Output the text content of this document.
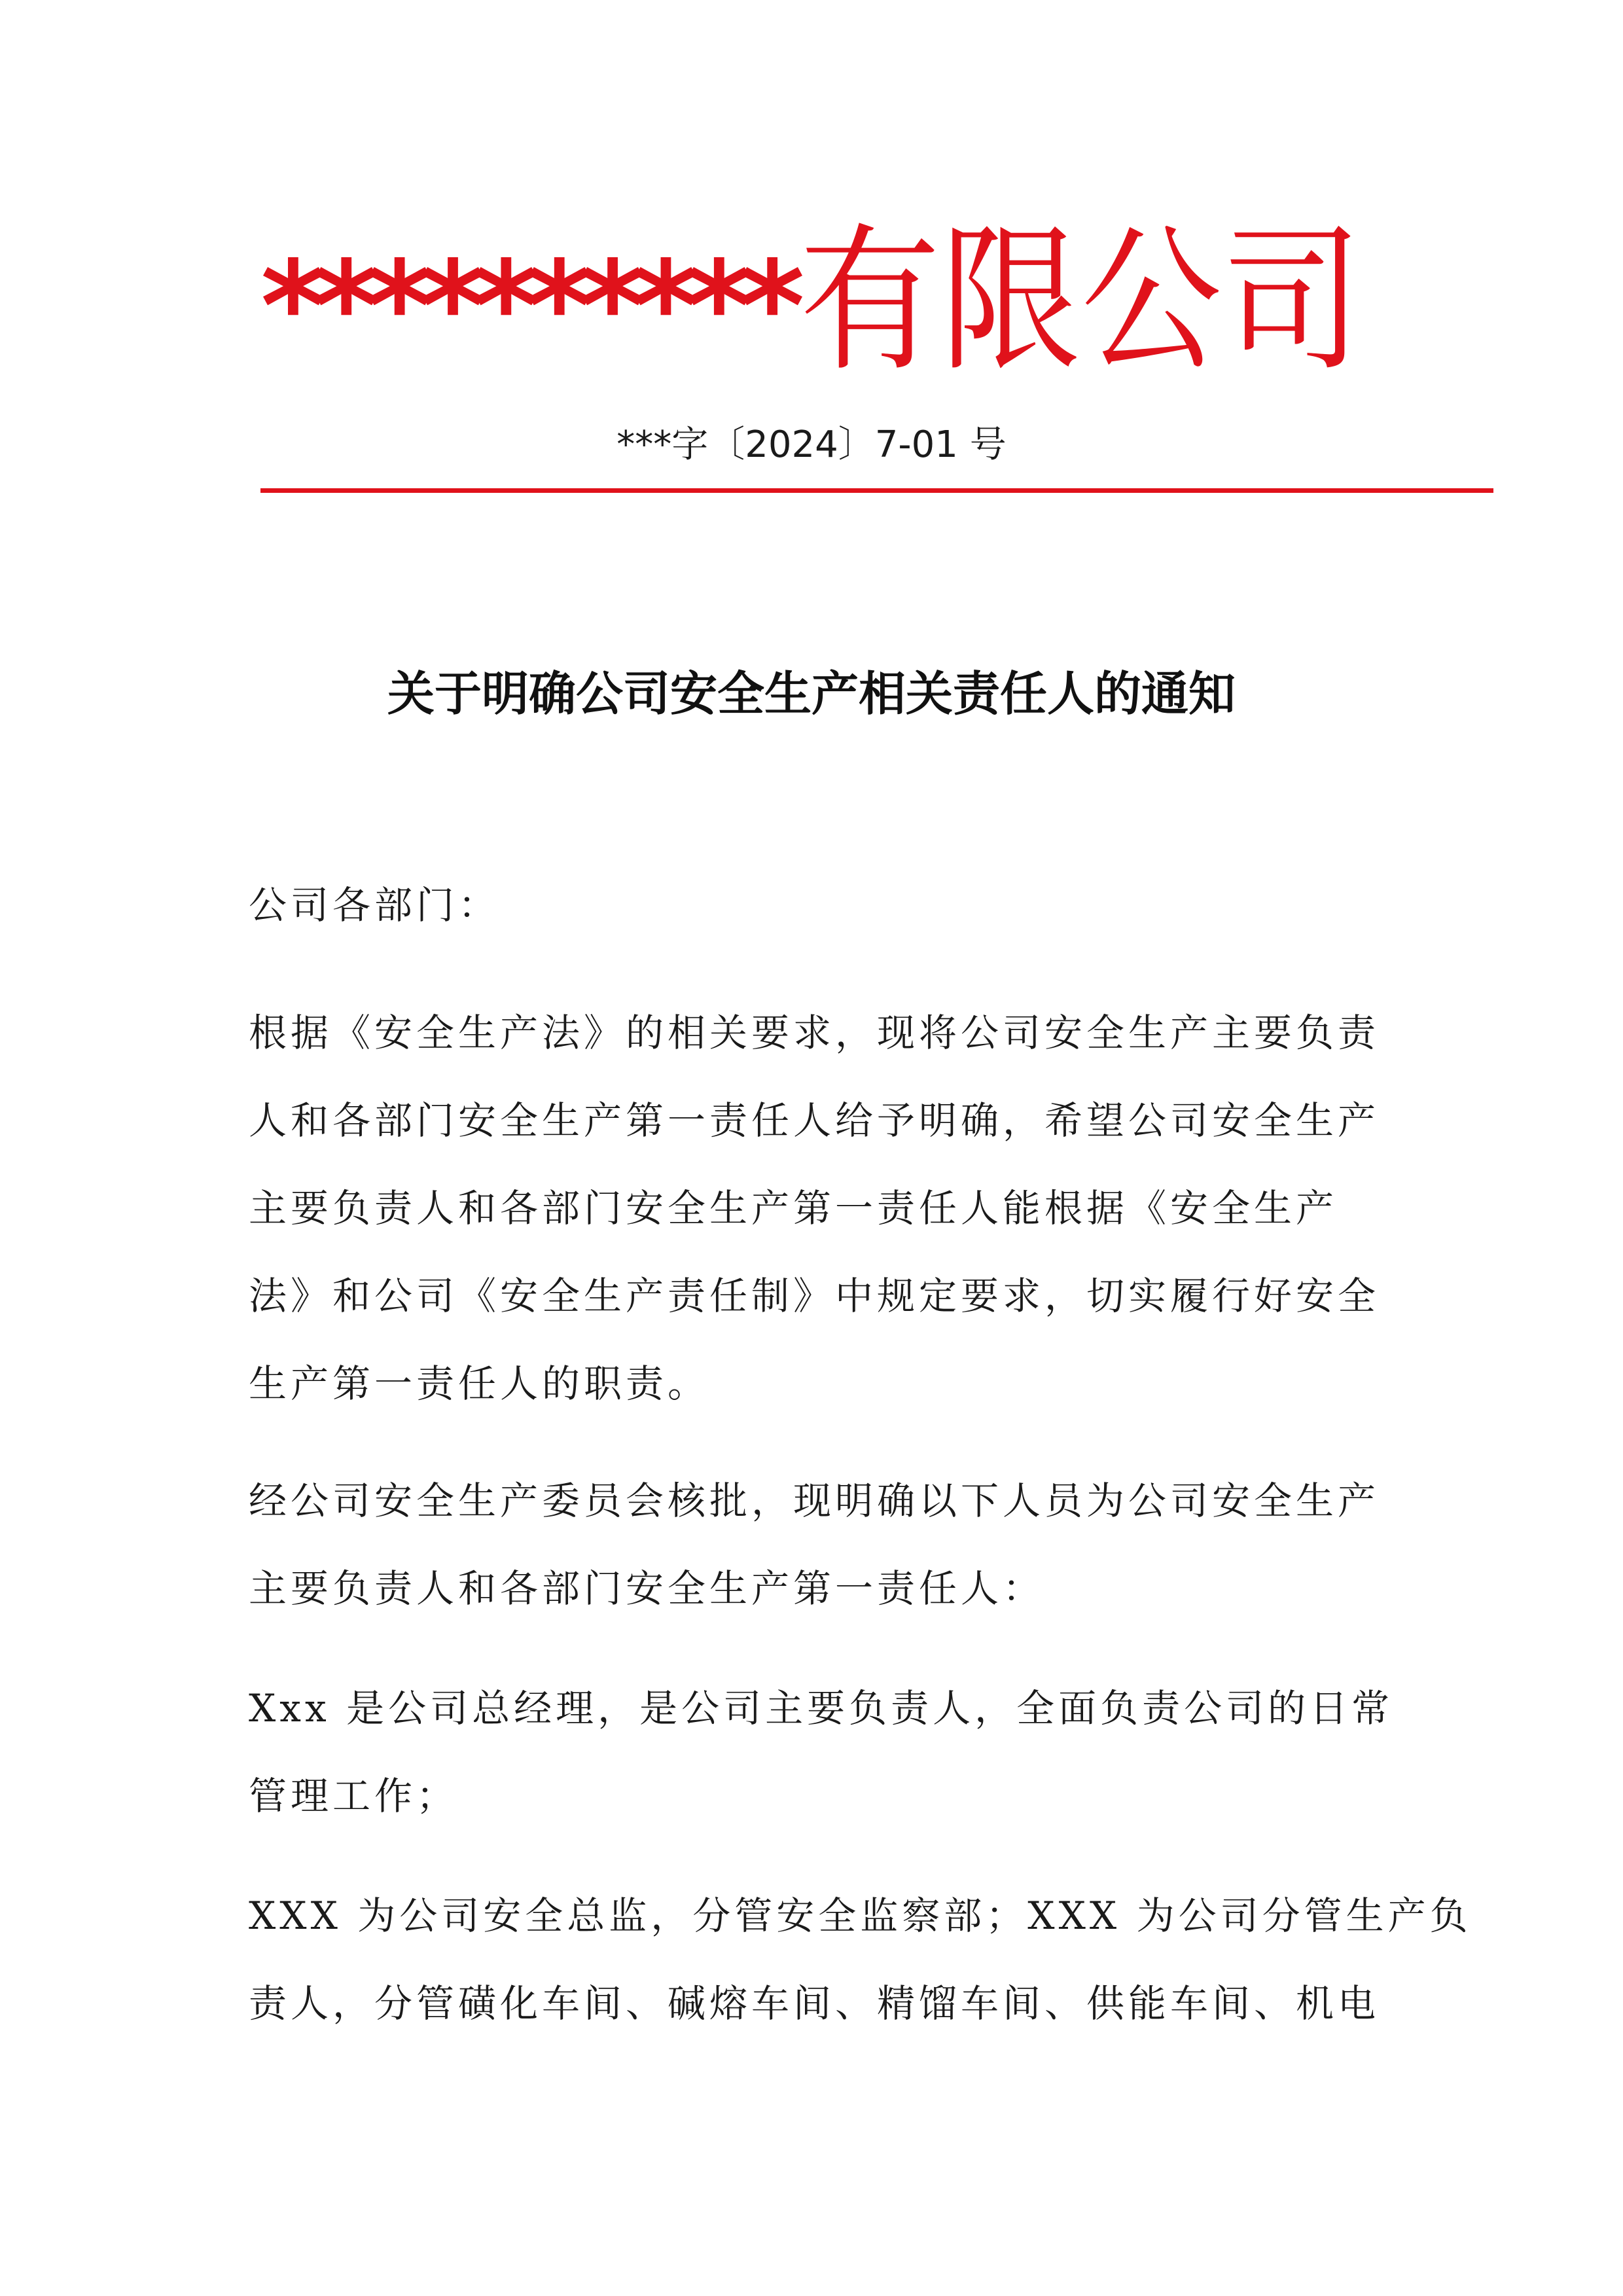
**********有限公司
***字〔2024〕7-01 号
关于明确公司安全生产相关责任人的通知
公司各部门：
根据《安全生产法》的相关要求，现将公司安全生产主要负责
人和各部门安全生产第一责任人给予明确，希望公司安全生产
主要负责人和各部门安全生产第一责任人能根据《安全生产
法》和公司《安全生产责任制》中规定要求，切实履行好安全
生产第一责任人的职责。
经公司安全生产委员会核批，现明确以下人员为公司安全生产
主要负责人和各部门安全生产第一责任人：
Xxx 是公司总经理，是公司主要负责人，全面负责公司的日常
管理工作；
XXX 为公司安全总监，分管安全监察部；XXX 为公司分管生产负
责人，分管磺化车间、碱熔车间、精馏车间、供能车间、机电
